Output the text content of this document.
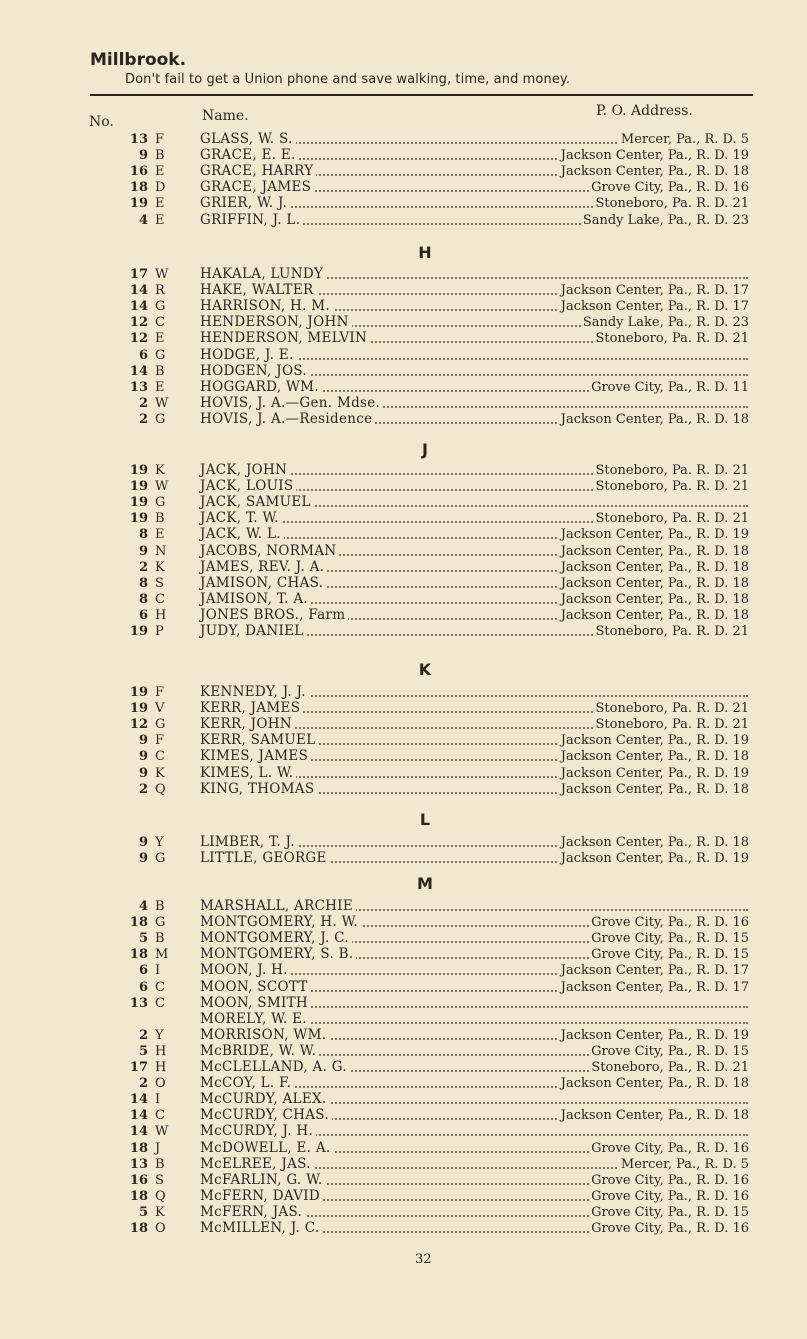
Millbrook.
Don't fail to get a Union phone and save walking, time, and money.
No.	Name.	P. O. Address.
13 F	GLASS, W. S.	Mercer, Pa., R. D. 5
9 B	GRACE, E. E.	Jackson Center, Pa., R. D. 19
16 E	GRACE, HARRY	Jackson Center, Pa., R. D. 18
18 D	GRACE, JAMES	Grove City, Pa., R. D. 16
19 E	GRIER, W. J.	Stoneboro, Pa. R. D. 21
4 E	GRIFFIN, J. L.	Sandy Lake, Pa., R. D. 23
H
17 W	HAKALA, LUNDY
14 R	HAKE, WALTER	Jackson Center, Pa., R. D. 17
14 G	HARRISON, H. M.	Jackson Center, Pa., R. D. 17
12 C	HENDERSON, JOHN	Sandy Lake, Pa., R. D. 23
12 E	HENDERSON, MELVIN	Stoneboro, Pa. R. D. 21
6 G	HODGE, J. E.
14 B	HODGEN, JOS.
13 E	HOGGARD, WM.	Grove City, Pa., R. D. 11
2 W	HOVIS, J. A.—Gen. Mdse.
2 G	HOVIS, J. A.—Residence	Jackson Center, Pa., R. D. 18
J
19 K	JACK, JOHN	Stoneboro, Pa. R. D. 21
19 W	JACK, LOUIS	Stoneboro, Pa. R. D. 21
19 G	JACK, SAMUEL
19 B	JACK, T. W.	Stoneboro, Pa. R. D. 21
8 E	JACK, W. L.	Jackson Center, Pa., R. D. 19
9 N	JACOBS, NORMAN	Jackson Center, Pa., R. D. 18
2 K	JAMES, REV. J. A.	Jackson Center, Pa., R. D. 18
8 S	JAMISON, CHAS.	Jackson Center, Pa., R. D. 18
8 C	JAMISON, T. A.	Jackson Center, Pa., R. D. 18
6 H	JONES BROS., Farm	Jackson Center, Pa., R. D. 18
19 P	JUDY, DANIEL	Stoneboro, Pa. R. D. 21
K
19 F	KENNEDY, J. J.
19 V	KERR, JAMES	Stoneboro, Pa. R. D. 21
12 G	KERR, JOHN	Stoneboro, Pa. R. D. 21
9 F	KERR, SAMUEL	Jackson Center, Pa., R. D. 19
9 C	KIMES, JAMES	Jackson Center, Pa., R. D. 18
9 K	KIMES, L. W.	Jackson Center, Pa., R. D. 19
2 Q	KING, THOMAS	Jackson Center, Pa., R. D. 18
L
9 Y	LIMBER, T. J.	Jackson Center, Pa., R. D. 18
9 G	LITTLE, GEORGE	Jackson Center, Pa., R. D. 19
M
4 B	MARSHALL, ARCHIE
18 G	MONTGOMERY, H. W.	Grove City, Pa., R. D. 16
5 B	MONTGOMERY, J. C.	Grove City, Pa., R. D. 15
18 M	MONTGOMERY, S. B.	Grove City, Pa., R. D. 15
6 I	MOON, J. H.	Jackson Center, Pa., R. D. 17
6 C	MOON, SCOTT	Jackson Center, Pa., R. D. 17
13 C	MOON, SMITH
MORELY, W. E.
2 Y	MORRISON, WM.	Jackson Center, Pa., R. D. 19
5 H	McBRIDE, W. W.	Grove City, Pa., R. D. 15
17 H	McCLELLAND, A. G.	Stoneboro, Pa., R. D. 21
2 O	McCOY, L. F.	Jackson Center, Pa., R. D. 18
14 I	McCURDY, ALEX.
14 C	McCURDY, CHAS.	Jackson Center, Pa., R. D. 18
14 W	McCURDY, J. H.
18 J	McDOWELL, E. A.	Grove City, Pa., R. D. 16
13 B	McELREE, JAS.	Mercer, Pa., R. D. 5
16 S	McFARLIN, G. W.	Grove City, Pa., R. D. 16
18 Q	McFERN, DAVID	Grove City, Pa., R. D. 16
5 K	McFERN, JAS.	Grove City, Pa., R. D. 15
18 O	McMILLEN, J. C.	Grove City, Pa., R. D. 16
32
